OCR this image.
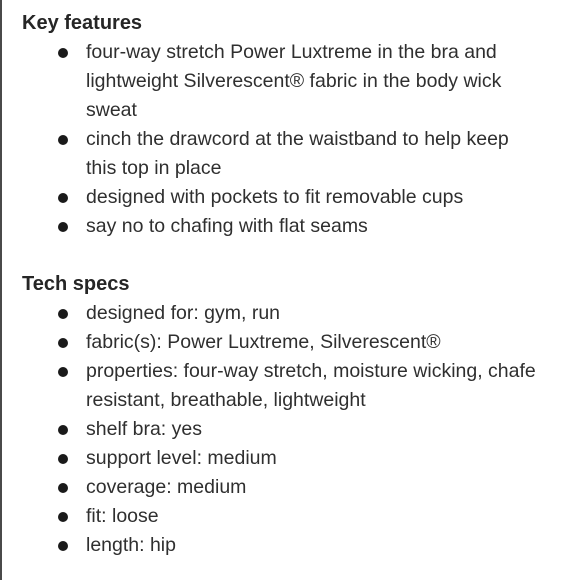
Key features
four-way stretch Power Luxtreme in the bra and
lightweight Silverescent® fabric in the body wick
sweat
cinch the drawcord at the waistband to help keep
this top in place
designed with pockets to fit removable cups
say no to chafing with flat seams
Tech specs
designed for: gym, run
fabric(s): Power Luxtreme, Silverescent®
properties: four-way stretch, moisture wicking, chafe
resistant, breathable, lightweight
shelf bra: yes
support level: medium
coverage: medium
fit: loose
length: hip
